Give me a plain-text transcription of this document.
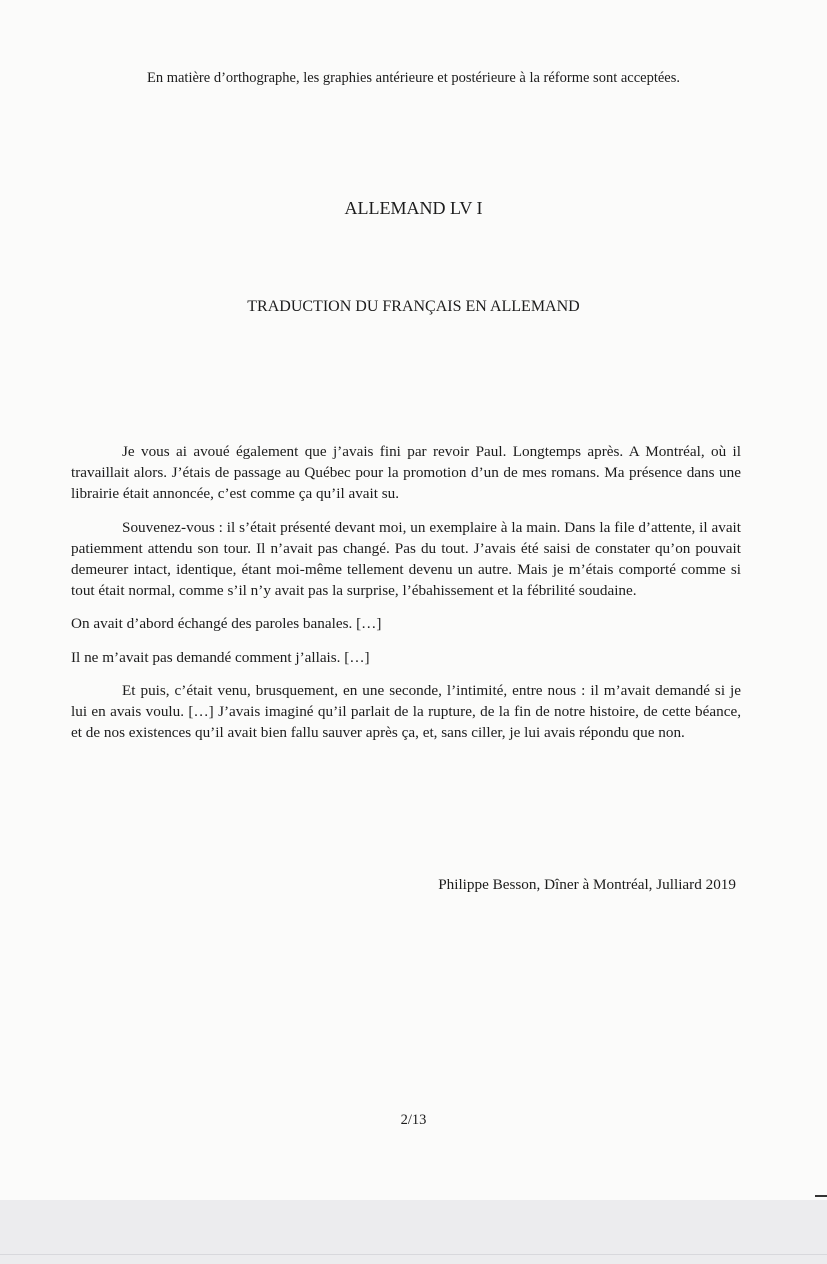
En matière d’orthographe, les graphies antérieure et postérieure à la réforme sont acceptées.
ALLEMAND LV I
TRADUCTION DU FRANÇAIS EN ALLEMAND

Je vous ai avoué également que j’avais fini par revoir Paul. Longtemps après. A Montréal, où il travaillait alors. J’étais de passage au Québec pour la promotion d’un de mes romans. Ma présence dans une librairie était annoncée, c’est comme ça qu’il avait su.

Souvenez-vous : il s’était présenté devant moi, un exemplaire à la main. Dans la file d’attente, il avait patiemment attendu son tour. Il n’avait pas changé. Pas du tout. J’avais été saisi de constater qu’on pouvait demeurer intact, identique, étant moi-même tellement devenu un autre. Mais je m’étais comporté comme si tout était normal, comme s’il n’y avait pas la surprise, l’ébahissement et la fébrilité soudaine.

On avait d’abord échangé des paroles banales. […]

Il ne m’avait pas demandé comment j’allais. […]

Et puis, c’était venu, brusquement, en une seconde, l’intimité, entre nous : il m’avait demandé si je lui en avais voulu. […] J’avais imaginé qu’il parlait de la rupture, de la fin de notre histoire, de cette béance, et de nos existences qu’il avait bien fallu sauver après ça, et, sans ciller, je lui avais répondu que non.

Philippe Besson, Dîner à Montréal, Julliard 2019
2/13
